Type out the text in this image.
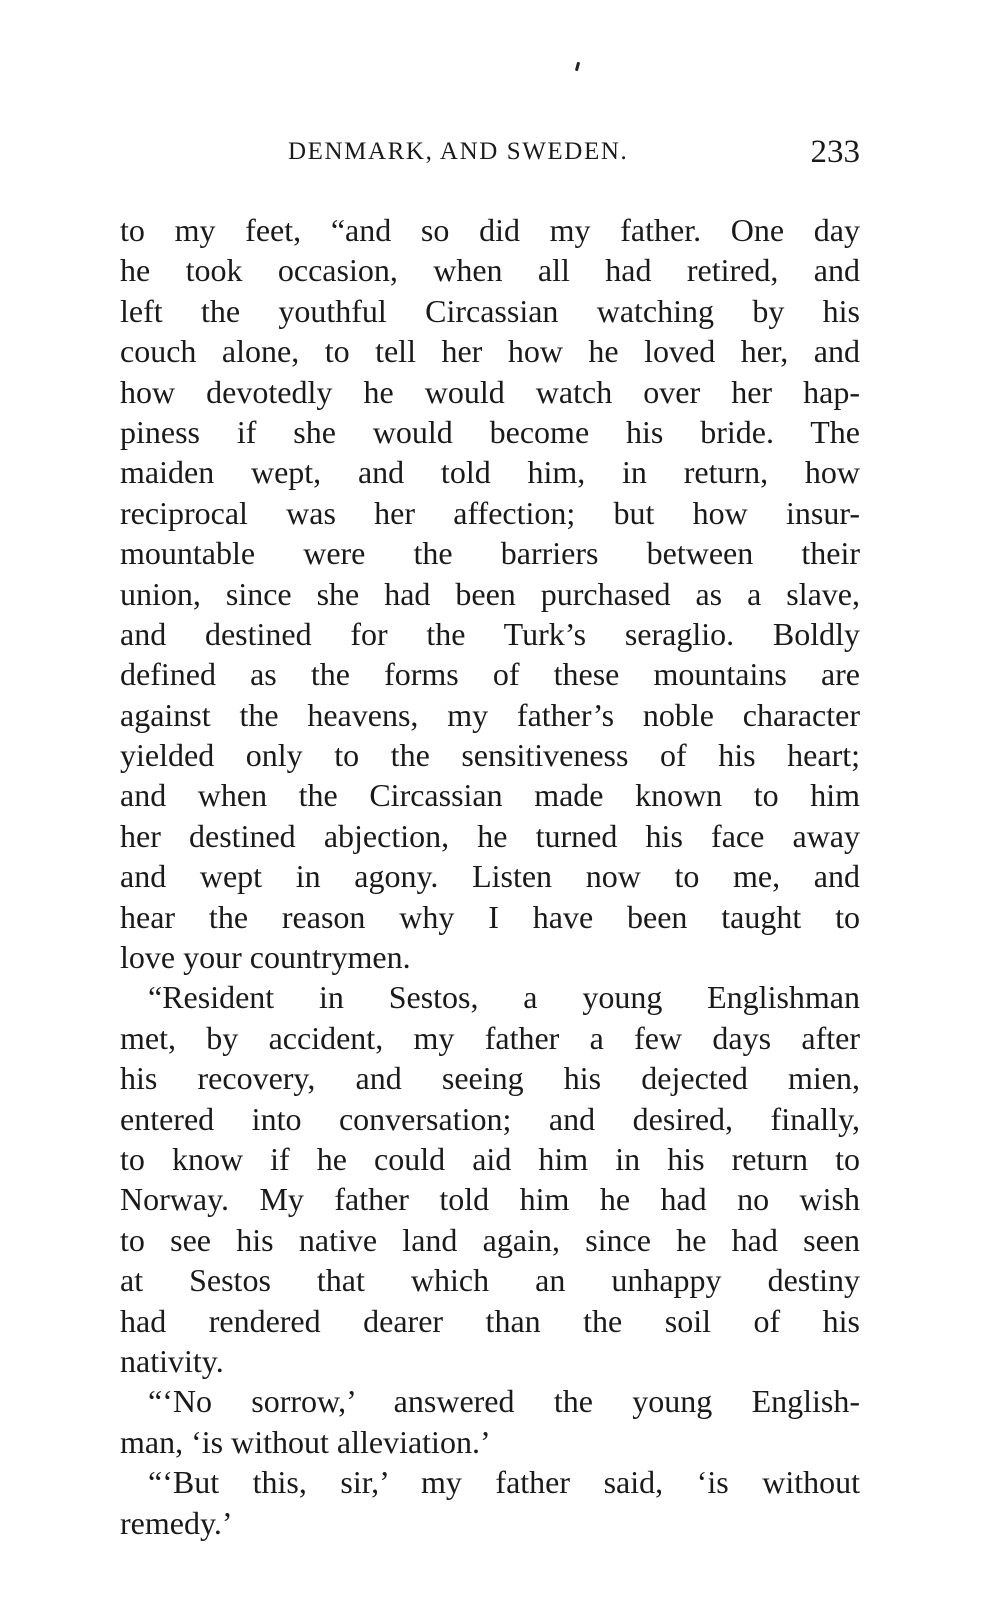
DENMARK, AND SWEDEN.	233
to my feet, “and so did my father. One day
he took occasion, when all had retired, and
left the youthful Circassian watching by his
couch alone, to tell her how he loved her, and
how devotedly he would watch over her hap-
piness if she would become his bride. The
maiden wept, and told him, in return, how
reciprocal was her affection; but how insur-
mountable were the barriers between their
union, since she had been purchased as a slave,
and destined for the Turk’s seraglio. Boldly
defined as the forms of these mountains are
against the heavens, my father’s noble character
yielded only to the sensitiveness of his heart;
and when the Circassian made known to him
her destined abjection, he turned his face away
and wept in agony. Listen now to me, and
hear the reason why I have been taught to
love your countrymen.
“Resident in Sestos, a young Englishman
met, by accident, my father a few days after
his recovery, and seeing his dejected mien,
entered into conversation; and desired, finally,
to know if he could aid him in his return to
Norway. My father told him he had no wish
to see his native land again, since he had seen
at Sestos that which an unhappy destiny
had rendered dearer than the soil of his
nativity.
“‘No sorrow,’ answered the young English-
man, ‘is without alleviation.’
“‘But this, sir,’ my father said, ‘is without
remedy.’
